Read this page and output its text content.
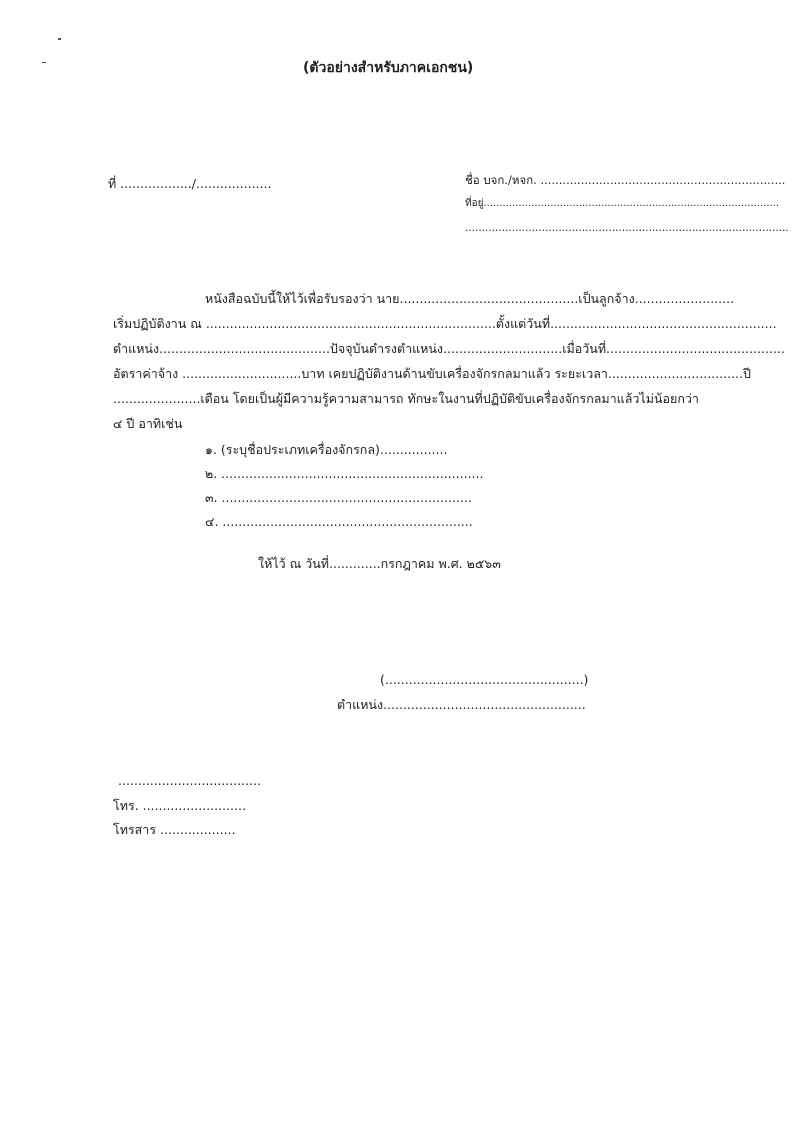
(ตัวอย่างสำหรับภาคเอกชน)
ที่ ................../...................	ชื่อ บจก./หจก. ...................................................................
ที่อยู่.............................................................................................
.................................................................................................
หนังสือฉบับนี้ให้ไว้เพื่อรับรองว่า นาย.............................................เป็นลูกจ้าง.........................
เริ่มปฏิบัติงาน ณ .........................................................................ตั้งแต่วันที่.........................................................
ตำแหน่ง...........................................ปัจจุบันดำรงตำแหน่ง..............................เมื่อวันที่.............................................
อัตราค่าจ้าง ..............................บาท เคยปฏิบัติงานด้านขับเครื่องจักรกลมาแล้ว ระยะเวลา..................................ปี
......................เดือน โดยเป็นผู้มีความรู้ความสามารถ ทักษะในงานที่ปฏิบัติขับเครื่องจักรกลมาแล้วไม่น้อยกว่า
๔ ปี อาทิเช่น
๑. (ระบุชื่อประเภทเครื่องจักรกล).................
๒. ..................................................................
๓. ...............................................................
๔. ...............................................................
ให้ไว้ ณ วันที่.............กรกฎาคม พ.ศ. ๒๕๖๓
(..................................................)
ตำแหน่ง...................................................
....................................
โทร. ..........................
โทรสาร ...................
